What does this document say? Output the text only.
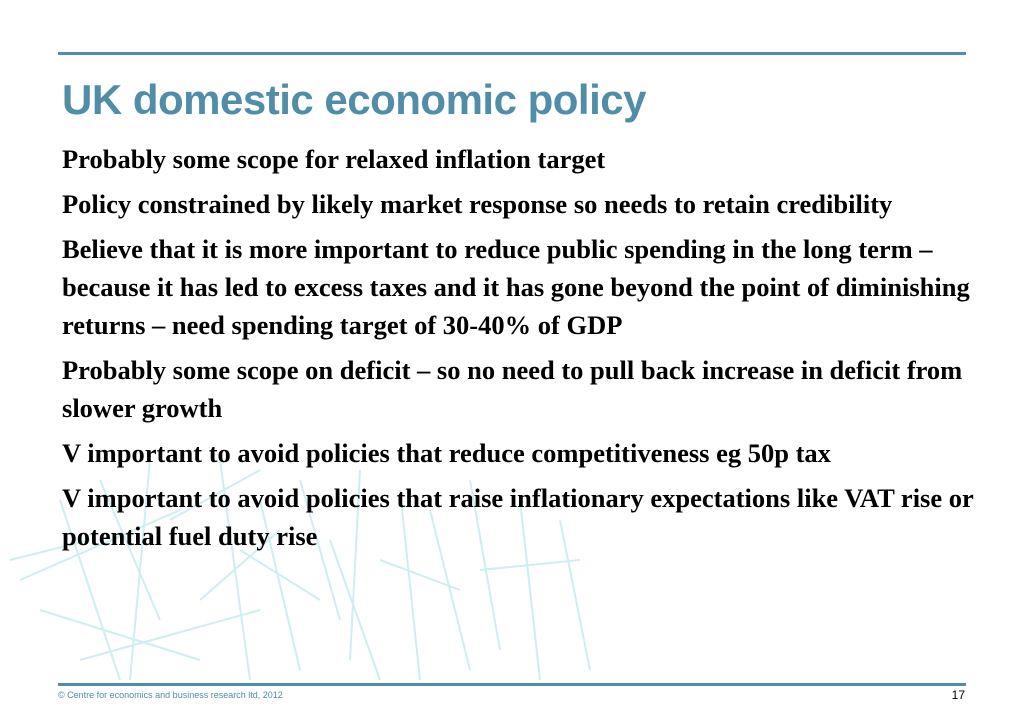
UK domestic economic policy
Probably some scope for relaxed inflation target
Policy constrained by likely market response so needs to retain credibility
Believe that it is more important to reduce public spending in the long term – because it has led to excess taxes and it has gone beyond the point of diminishing returns – need spending target of 30-40% of GDP
Probably some scope on deficit – so no need to pull back increase in deficit from slower growth
V important to avoid policies that reduce competitiveness eg 50p tax
V important to avoid policies that raise inflationary expectations like VAT rise or potential fuel duty rise
© Centre for economics and business research ltd, 2012	17
